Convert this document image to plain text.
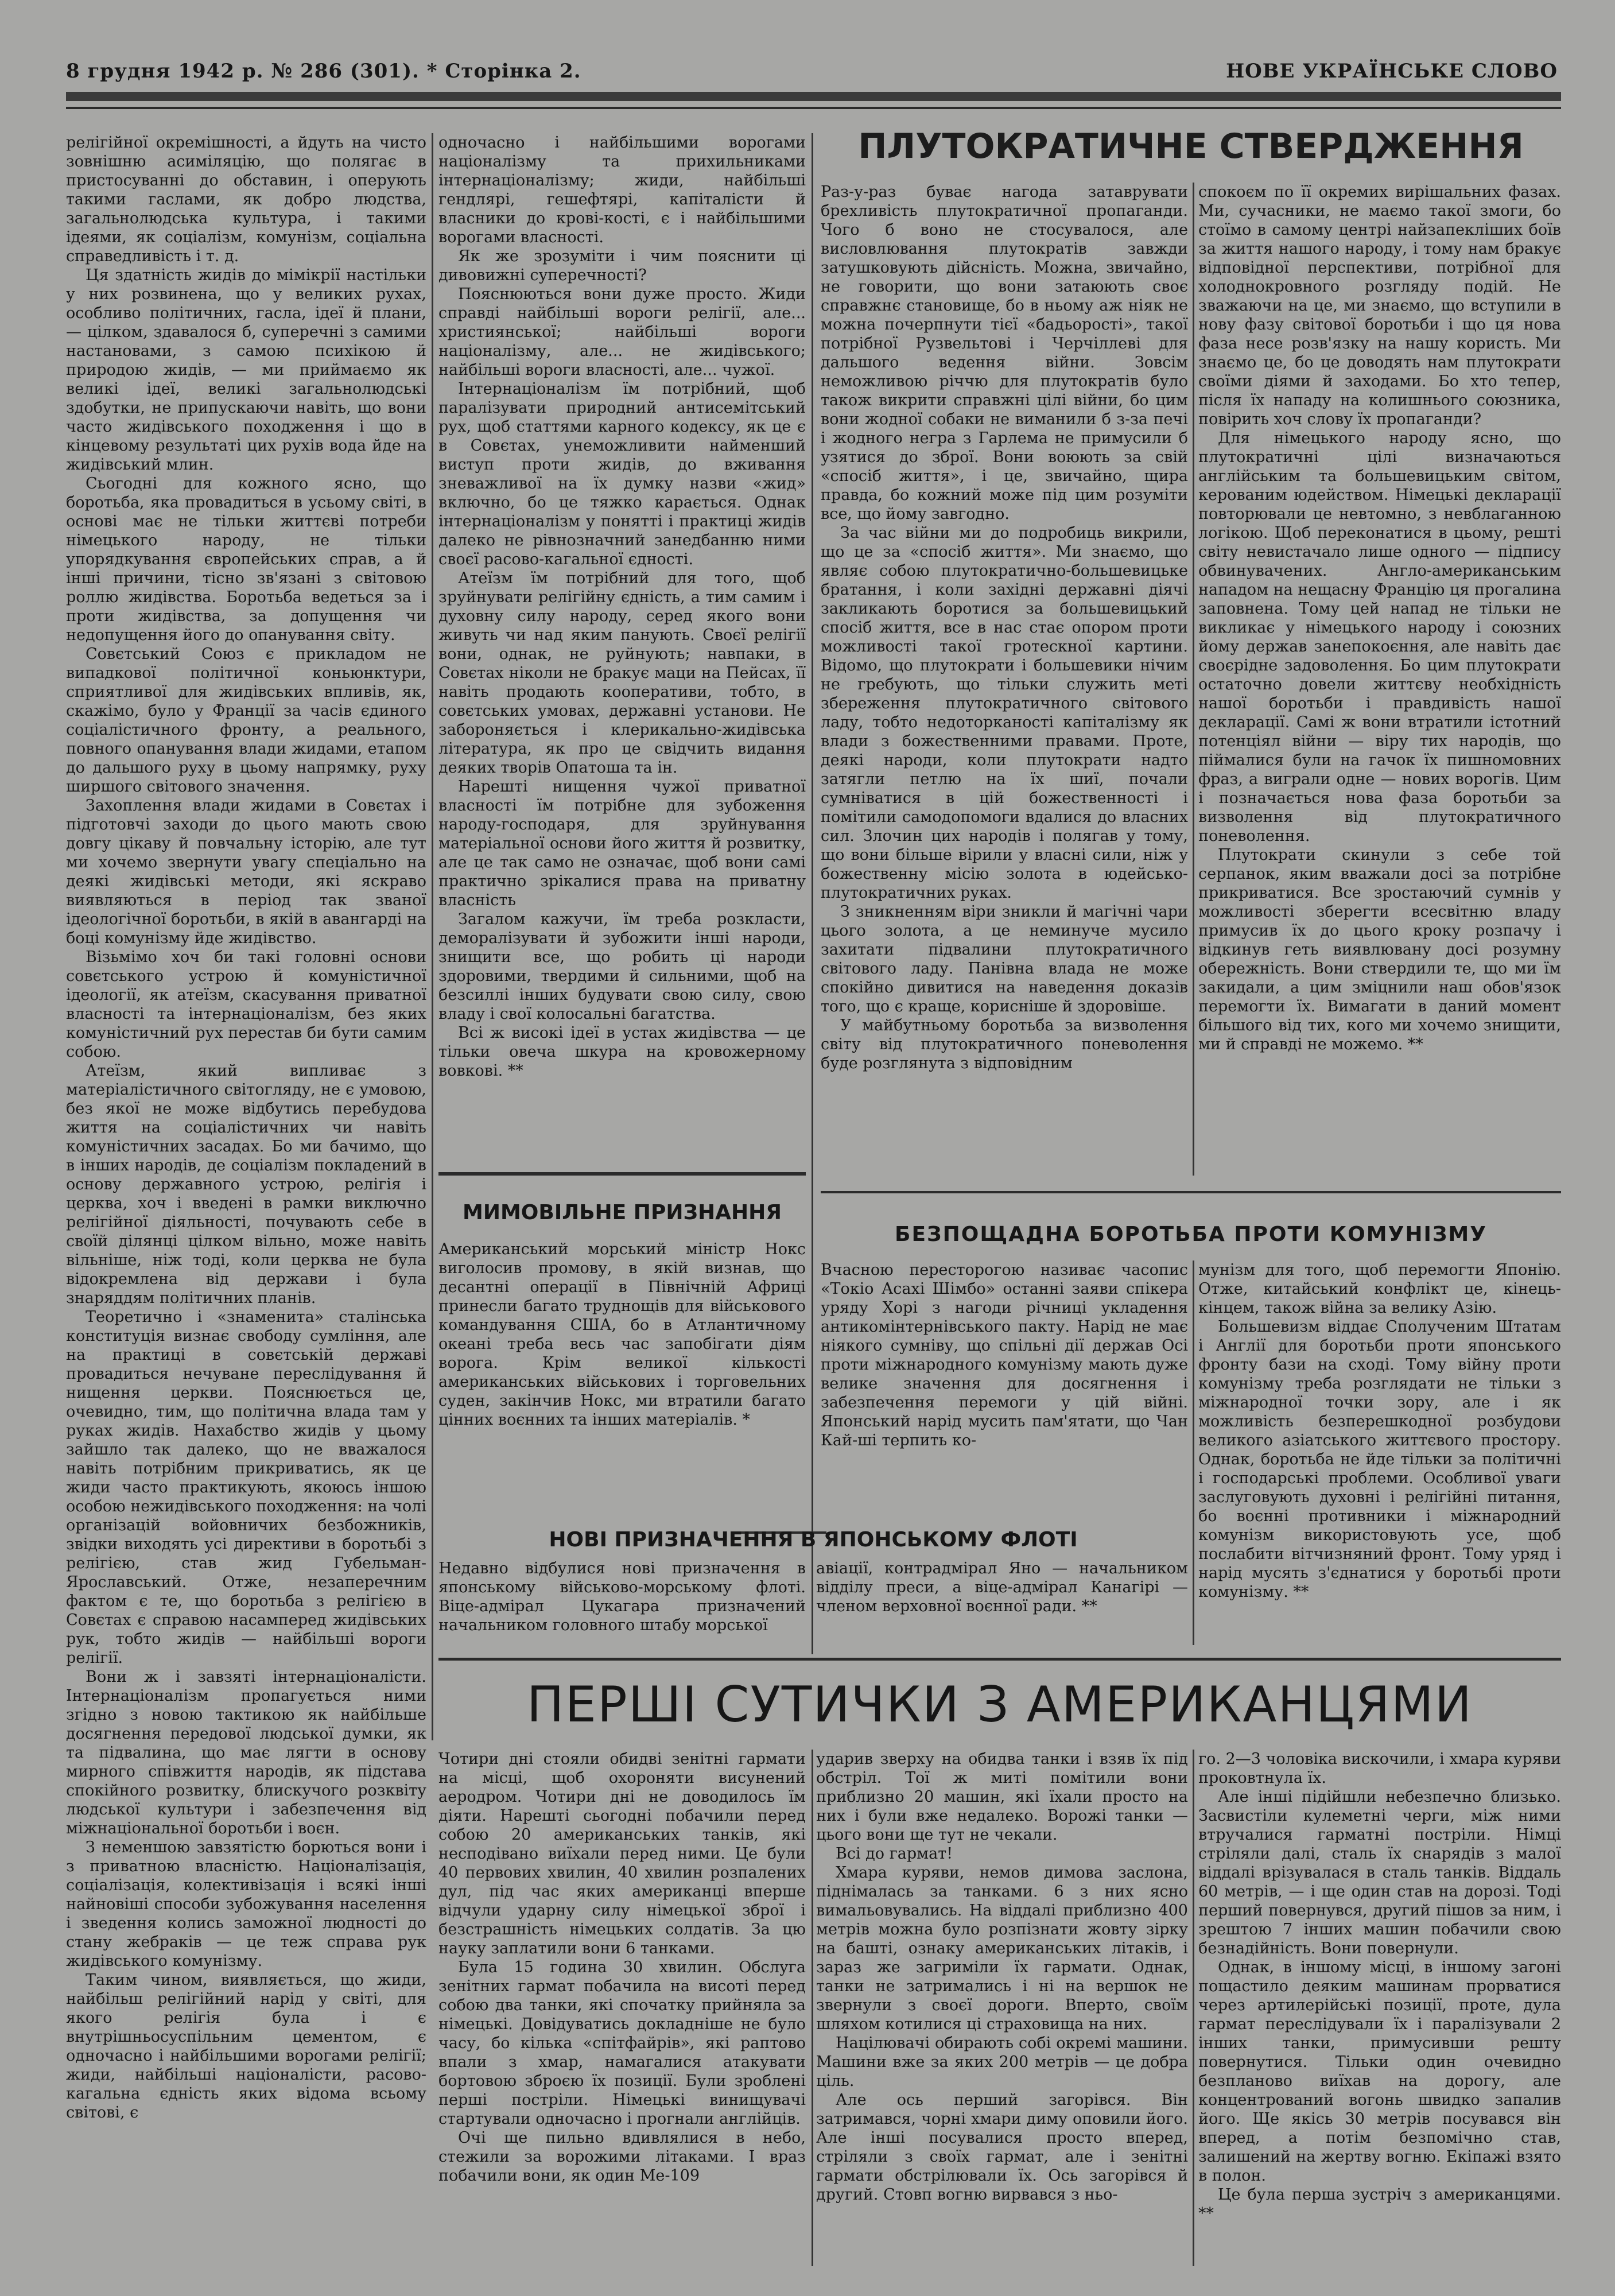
8 грудня 1942 р. № 286 (301). * Сторінка 2.	НОВЕ УКРАЇНСЬКЕ СЛОВО

релігійної окремішності, а йдуть на чисто зовнішню асиміляцію, що полягає в пристосуванні до обставин, і оперують такими гаслами, як добро людства, загальнолюдська культура, і такими ідеями, як соціалізм, комунізм, соціальна справедливість і т. д.

Ця здатність жидів до мімікрії настільки у них розвинена, що у великих рухах, особливо політичних, гасла, ідеї й плани, — цілком, здавалося б, суперечні з самими настановами, з самою психікою й природою жидів, — ми приймаємо як великі ідеї, великі загальнолюдські здобутки, не припускаючи навіть, що вони часто жидівського походження і що в кінцевому результаті цих рухів вода йде на жидівський млин.

Сьогодні для кожного ясно, що боротьба, яка провадиться в усьому світі, в основі має не тільки життєві потреби німецького народу, не тільки упорядкування європейських справ, а й інші причини, тісно зв'язані з світовою роллю жидівства. Боротьба ведеться за і проти жидівства, за допущення чи недопущення його до опанування світу.

Совєтський Союз є прикладом не випадкової політичної коньюнктури, сприятливої для жидівських впливів, як, скажімо, було у Франції за часів єдиного соціалістичного фронту, а реального, повного опанування влади жидами, етапом до дальшого руху в цьому напрямку, руху ширшого світового значення.

Захоплення влади жидами в Совєтах і підготовчі заходи до цього мають свою довгу цікаву й повчальну історію, але тут ми хочемо звернути увагу спеціально на деякі жидівські методи, які яскраво виявляються в період так званої ідеологічної боротьби, в якій в авангарді на боці комунізму йде жидівство.

Візьмімо хоч би такі головні основи совєтського устрою й комуністичної ідеології, як атеїзм, скасування приватної власності та інтернаціоналізм, без яких комуністичний рух перестав би бути самим собою.

Атеїзм, який випливає з матеріалістичного світогляду, не є умовою, без якої не може відбутись перебудова життя на соціалістичних чи навіть комуністичних засадах. Бо ми бачимо, що в інших народів, де соціалізм покладений в основу державного устрою, релігія і церква, хоч і введені в рамки виключно релігійної діяльності, почувають себе в своїй ділянці цілком вільно, може навіть вільніше, ніж тоді, коли церква не була відокремлена від держави і була знаряддям політичних планів.

Теоретично і «знаменита» сталінська конституція визнає свободу сумління, але на практиці в совєтській державі провадиться нечуване переслідування й нищення церкви. Пояснюється це, очевидно, тим, що політична влада там у руках жидів. Нахабство жидів у цьому зайшло так далеко, що не вважалося навіть потрібним прикриватись, як це жиди часто практикують, якоюсь іншою особою нежидівського походження: на чолі організацій войовничих безбожників, звідки виходять усі директиви в боротьбі з релігією, став жид Губельман-Ярославський. Отже, незаперечним фактом є те, що боротьба з релігією в Совєтах є справою насамперед жидівських рук, тобто жидів — найбільші вороги релігії.

Вони ж і завзяті інтернаціоналісти. Інтернаціоналізм пропагується ними згідно з новою тактикою як найбільше досягнення передової людської думки, як та підвалина, що має лягти в основу мирного співжиття народів, як підстава спокійного розвитку, блискучого розквіту людської культури і забезпечення від міжнаціональної боротьби і воєн.

З неменшою завзятістю борються вони і з приватною власністю. Націоналізація, соціалізація, колективізація і всякі інші найновіші способи зубожування населення і зведення колись заможної людності до стану жебраків — це теж справа рук жидівського комунізму.

Таким чином, виявляється, що жиди, найбільш релігійний нарід у світі, для якого релігія була і є внутрішньосуспільним цементом, є одночасно і найбільшими ворогами релігії; жиди, найбільші націоналісти, расово-кагальна єдність яких відома всьому світові, є

одночасно і найбільшими ворогами націоналізму та прихильниками інтернаціоналізму; жиди, найбільші гендлярі, гешефтярі, капіталісти й власники до крові-кості, є і найбільшими ворогами власності.

Як же зрозуміти і чим пояснити ці дивовижні суперечності?

Пояснюються вони дуже просто. Жиди справді найбільші вороги релігії, але... християнської; найбільші вороги націоналізму, але... не жидівського; найбільші вороги власності, але... чужої.

Інтернаціоналізм їм потрібний, щоб паралізувати природний антисемітський рух, щоб статтями карного кодексу, як це є в Совєтах, унеможливити найменший виступ проти жидів, до вживання зневажливої на їх думку назви «жид» включно, бо це тяжко карається. Однак інтернаціоналізм у понятті і практиці жидів далеко не рівнозначний занедбанню ними своєї расово-кагальної єдності.

Атеїзм їм потрібний для того, щоб зруйнувати релігійну єдність, а тим самим і духовну силу народу, серед якого вони живуть чи над яким панують. Своєї релігії вони, однак, не руйнують; навпаки, в Совєтах ніколи не бракує маци на Пейсах, її навіть продають кооперативи, тобто, в совєтських умовах, державні установи. Не забороняється і клерикально-жидівська література, як про це свідчить видання деяких творів Опатоша та ін.

Нарешті нищення чужої приватної власності їм потрібне для зубоження народу-господаря, для зруйнування матеріальної основи його життя й розвитку, але це так само не означає, щоб вони самі практично зрікалися права на приватну власність

Загалом кажучи, їм треба розкласти, деморалізувати й зубожити інші народи, знищити все, що робить ці народи здоровими, твердими й сильними, щоб на безсиллі інших будувати свою силу, свою владу і свої колосальні багатства.

Всі ж високі ідеї в устах жидівства — це тільки овеча шкура на кровожерному вовкові. **

ПЛУТОКРАТИЧНЕ СТВЕРДЖЕННЯ

Раз-у-раз буває нагода затаврувати брехливість плутократичної пропаганди. Чого б воно не стосувалося, але висловлювання плутократів завжди затушковують дійсність. Можна, звичайно, не говорити, що вони затаюють своє справжнє становище, бо в ньому аж ніяк не можна почерпнути тієї «бадьорості», такої потрібної Рузвельтові і Черчіллеві для дальшого ведення війни. Зовсім неможливою річчю для плутократів було також викрити справжні цілі війни, бо цим вони жодної собаки не виманили б з-за печі і жодного негра з Гарлема не примусили б узятися до зброї. Вони воюють за свій «спосіб життя», і це, звичайно, щира правда, бо кожний може під цим розуміти все, що йому завгодно.

За час війни ми до подробиць викрили, що це за «спосіб життя». Ми знаємо, що являє собою плутократично-большевицьке братання, і коли західні державні діячі закликають боротися за большевицький спосіб життя, все в нас стає опором проти можливості такої гротескної картини. Відомо, що плутократи і большевики нічим не гребують, що тільки служить меті збереження плутократичного світового ладу, тобто недоторканості капіталізму як влади з божественними правами. Проте, деякі народи, коли плутократи надто затягли петлю на їх шиї, почали сумніватися в цій божественності і помітили самодопомоги вдалися до власних сил. Злочин цих народів і полягав у тому, що вони більше вірили у власні сили, ніж у божественну місію золота в юдейсько-плутократичних руках.

З зникненням віри зникли й магічні чари цього золота, а це неминуче мусило захитати підвалини плутократичного світового ладу. Панівна влада не може спокійно дивитися на наведення доказів того, що є краще, корисніше й здоровіше.

У майбутньому боротьба за визволення світу від плутократичного поневолення буде розглянута з відповідним

спокоєм по її окремих вирішальних фазах. Ми, сучасники, не маємо такої змоги, бо стоїмо в самому центрі найзапекліших боїв за життя нашого народу, і тому нам бракує відповідної перспективи, потрібної для холоднокровного розгляду подій. Не зважаючи на це, ми знаємо, що вступили в нову фазу світової боротьби і що ця нова фаза несе розв'язку на нашу користь. Ми знаємо це, бо це доводять нам плутократи своїми діями й заходами. Бо хто тепер, після їх нападу на колишнього союзника, повірить хоч слову їх пропаганди?

Для німецького народу ясно, що плутократичні цілі визначаються англійським та большевицьким світом, керованим юдейством. Німецькі декларації повторювали це невтомно, з невблаганною логікою. Щоб переконатися в цьому, решті світу невистачало лише одного — підпису обвинувачених. Англо-американським нападом на нещасну Францію ця прогалина заповнена. Тому цей напад не тільки не викликає у німецького народу і союзних йому держав занепокоєння, але навіть дає своєрідне задоволення. Бо цим плутократи остаточно довели життєву необхідність нашої боротьби і правдивість нашої декларації. Самі ж вони втратили істотний потенціял війни — віру тих народів, що піймалися були на гачок їх пишномовних фраз, а виграли одне — нових ворогів. Цим і позначається нова фаза боротьби за визволення від плутократичного поневолення.

Плутократи скинули з себе той серпанок, яким вважали досі за потрібне прикриватися. Все зростаючий сумнів у можливості зберегти всесвітню владу примусив їх до цього кроку розпачу і відкинув геть виявлювану досі розумну обережність. Вони ствердили те, що ми їм закидали, а цим зміцнили наш обов'язок перемогти їх. Вимагати в даний момент більшого від тих, кого ми хочемо знищити, ми й справді не можемо. **

МИМОВІЛЬНЕ ПРИЗНАННЯ

Американський морський міністр Нокс виголосив промову, в якій визнав, що десантні операції в Північній Африці принесли багато труднощів для військового командування США, бо в Атлантичному океані треба весь час запобігати діям ворога. Крім великої кількості американських військових і торговельних суден, закінчив Нокс, ми втратили багато цінних воєнних та інших матеріалів. *

БЕЗПОЩАДНА БОРОТЬБА ПРОТИ КОМУНІЗМУ

Вчасною пересторогою називає часопис «Токіо Асахі Шімбо» останні заяви спікера уряду Хорі з нагоди річниці укладення антикомінтернівського пакту. Нарід не має ніякого сумніву, що спільні дії держав Осі проти міжнародного комунізму мають дуже велике значення для досягнення і забезпечення перемоги у цій війні. Японський нарід мусить пам'ятати, що Чан Кай-ші терпить ко-

мунізм для того, щоб перемогти Японію. Отже, китайський конфлікт це, кінець-кінцем, також війна за велику Азію.

Большевизм віддає Сполученим Штатам і Англії для боротьби проти японського фронту бази на сході. Тому війну проти комунізму треба розглядати не тільки з міжнародної точки зору, але і як можливість безперешкодної розбудови великого азіатського життєвого простору. Однак, боротьба не йде тільки за політичні і господарські проблеми. Особливої уваги заслуговують духовні і релігійні питання, бо воєнні противники і міжнародний комунізм використовують усе, щоб послабити вітчизняний фронт. Тому уряд і нарід мусять з'єднатися у боротьбі проти комунізму. **

НОВІ ПРИЗНАЧЕННЯ В ЯПОНСЬКОМУ ФЛОТІ

Недавно відбулися нові призначення в японському військово-морському флоті. Віце-адмірал Цукагара призначений начальником головного штабу морської

авіації, контрадмірал Яно — начальником відділу преси, а віце-адмірал Канагірі — членом верховної воєнної ради. **

ПЕРШІ СУТИЧКИ З АМЕРИКАНЦЯМИ

Чотири дні стояли обидві зенітні гармати на місці, щоб охороняти висунений аеродром. Чотири дні не доводилось їм діяти. Нарешті сьогодні побачили перед собою 20 американських танків, які несподівано виїхали перед ними. Це були 40 первових хвилин, 40 хвилин розпалених дул, під час яких американці вперше відчули ударну силу німецької зброї і безстрашність німецьких солдатів. За цю науку заплатили вони 6 танками.

Була 15 година 30 хвилин. Обслуга зенітних гармат побачила на висоті перед собою два танки, які спочатку прийняла за німецькі. Довідуватись докладніше не було часу, бо кілька «спітфайрів», які раптово впали з хмар, намагалися атакувати бортовою зброєю їх позиції. Були зроблені перші постріли. Німецькі винищувачі стартували одночасно і прогнали англійців.

Очі ще пильно вдивлялися в небо, стежили за ворожими літаками. І враз побачили вони, як один Ме-109

ударив зверху на обидва танки і взяв їх під обстріл. Тої ж миті помітили вони приблизно 20 машин, які їхали просто на них і були вже недалеко. Ворожі танки — цього вони ще тут не чекали.

Всі до гармат!

Хмара куряви, немов димова заслона, піднімалась за танками. 6 з них ясно вимальовувались. На віддалі приблизно 400 метрів можна було розпізнати жовту зірку на башті, ознаку американських літаків, і зараз же загриміли їх гармати. Однак, танки не затримались і ні на вершок не звернули з своєї дороги. Вперто, своїм шляхом котилися ці страховища на них.

Націлювачі обирають собі окремі машини. Машини вже за яких 200 метрів — це добра ціль.

Але ось перший загорівся. Він затримався, чорні хмари диму оповили його. Але інші посувалися просто вперед, стріляли з своїх гармат, але і зенітні гармати обстрілювали їх. Ось загорівся й другий. Стовп вогню вирвався з ньо-

го. 2—3 чоловіка вискочили, і хмара куряви проковтнула їх.

Але інші підійшли небезпечно близько. Засвистіли кулеметні черги, між ними втручалися гарматні постріли. Німці стріляли далі, сталь їх снарядів з малої віддалі врізувалася в сталь танків. Віддаль 60 метрів, — і ще один став на дорозі. Тоді перший повернувся, другий пішов за ним, і зрештою 7 інших машин побачили свою безнадійність. Вони повернули.

Однак, в іншому місці, в іншому загоні пощастило деяким машинам прорватися через артилерійські позиції, проте, дула гармат переслідували їх і паралізували 2 інших танки, примусивши решту повернутися. Тільки один очевидно безплановo виїхав на дорогу, але концентрований вогонь швидко запалив його. Ще якісь 30 метрів посувався він вперед, а потім безпомічно став, залишений на жертву вогню. Екіпажі взято в полон.

Це була перша зустріч з американцями. **
